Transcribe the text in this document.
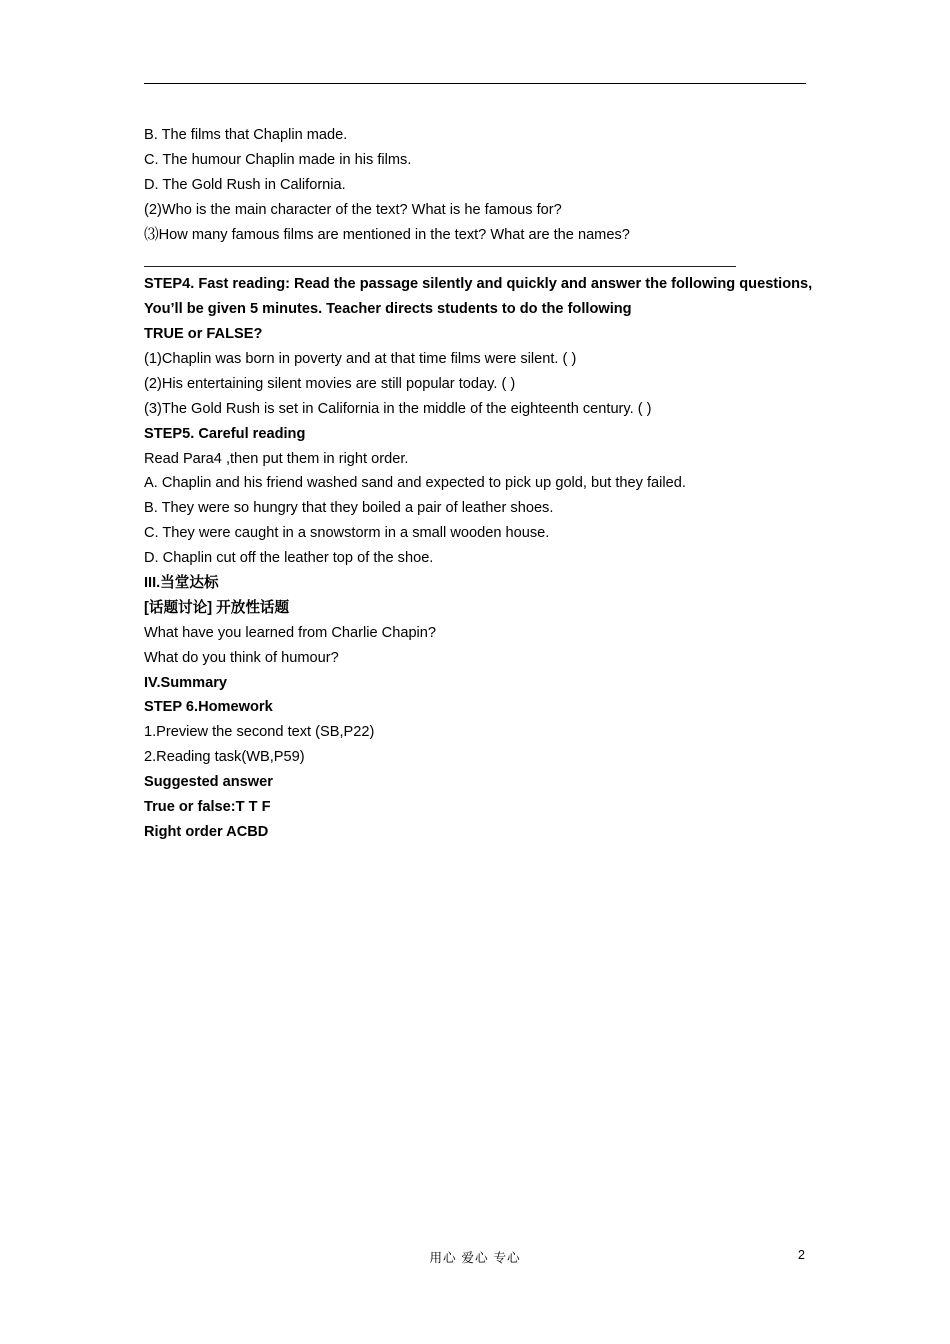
B. The films that Chaplin made.
C. The humour Chaplin made in his films.
D. The Gold Rush in California.
(2)Who is the main character of the text? What is he famous for?
⑶How many famous films are mentioned in the text? What are the names?
STEP4. Fast reading: Read the passage silently and quickly and answer the following questions,
You’ll be given 5 minutes. Teacher directs students to do the following
TRUE or FALSE?
(1)Chaplin was born in poverty and at that time films were silent. ( )
(2)His entertaining silent movies are still popular today. ( )
(3)The Gold Rush is set in California in the middle of the eighteenth century. ( )
STEP5. Careful reading
Read Para4 ,then put them in right order.
A. Chaplin and his friend washed sand and expected to pick up gold, but they failed.
B. They were so hungry that they boiled a pair of leather shoes.
C. They were caught in a snowstorm in a small wooden house.
D. Chaplin cut off the leather top of the shoe.
III.当堂达标
[话题讨论] 开放性话题
What have you learned from Charlie Chapin?
What do you think of humour?
IV.Summary
STEP 6.Homework
1.Preview the second text (SB,P22)
2.Reading task(WB,P59)
Suggested answer
True or false:T T F
Right order ACBD
用心 爱心 专心	2
